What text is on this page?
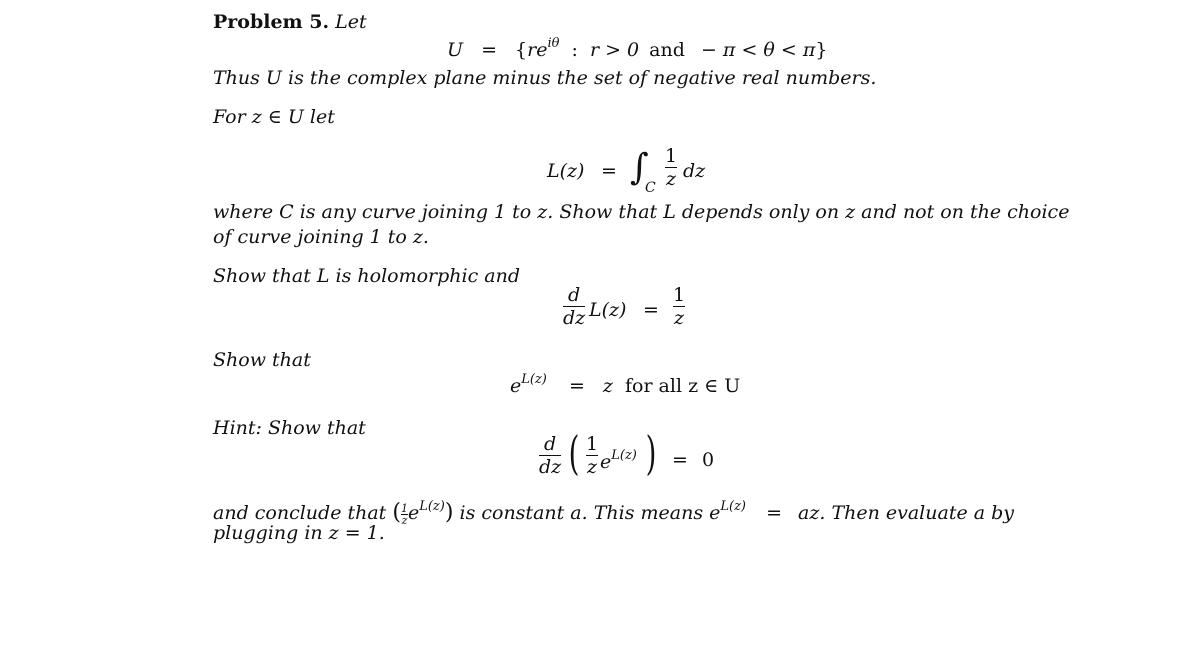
Problem 5. Let
$U = \{re^{i\theta}$ : r > 0 and − π < θ < π}
Thus U is the complex plane minus the set of negative real numbers.
For z ∈ U let
L(z) = ∫
C $\frac{1}{z}$ dz
where C is any curve joining 1 to z. Show that L depends only on z and not on the choice
of curve joining 1 to z.
Show that L is holomorphic and
$\frac{d}{dz} L(z) = \frac{1}{z}$
Show that
$e^{L(z)} = z$ for all z ∈ U
Hint: Show that
$\frac{d}{dz}$ ( $\frac{1}{z} e^{L(z)}$ ) = 0
and conclude that ( $\frac{1}{z} e^{L(z)}$) is constant a. This means $e^{L(z)}$ = az. Then evaluate a by
plugging in z = 1.
